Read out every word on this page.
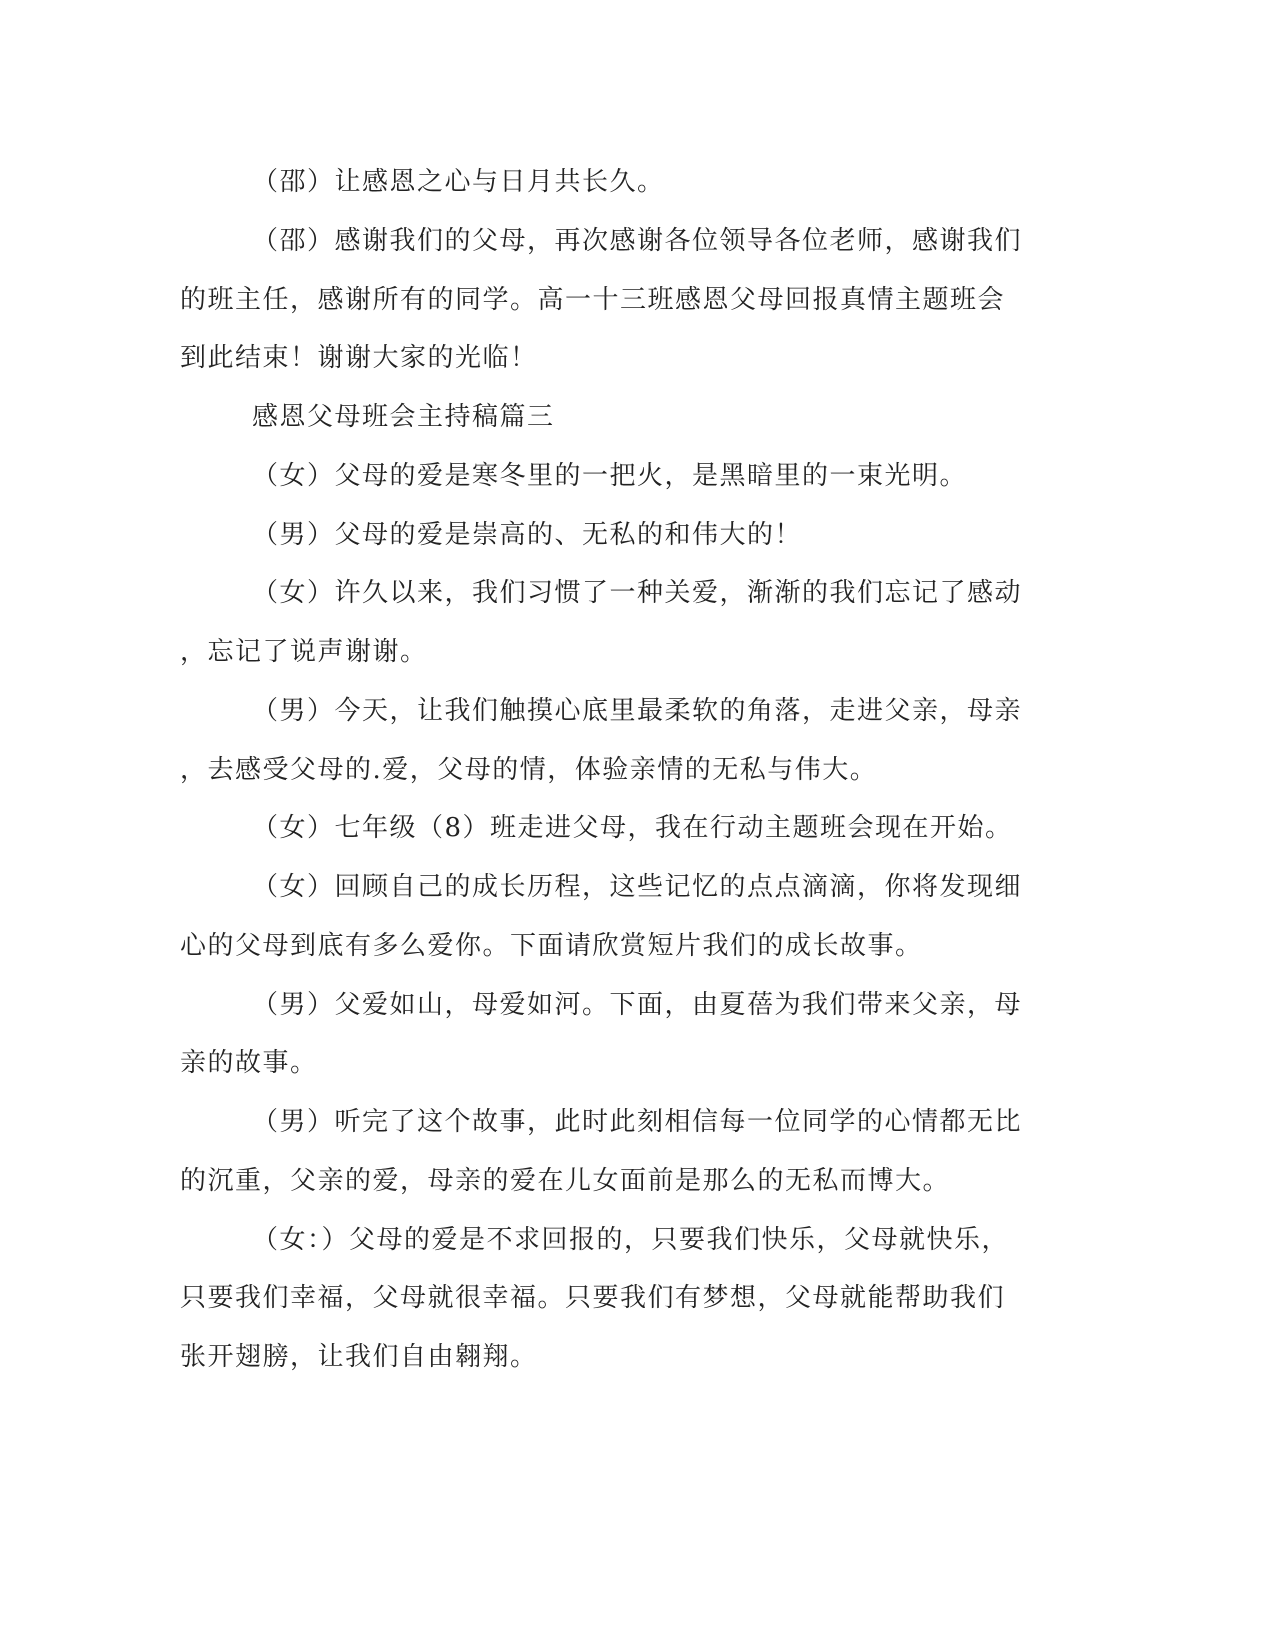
（邵）让感恩之心与日月共长久。
（邵）感谢我们的父母，再次感谢各位领导各位老师，感谢我们
的班主任，感谢所有的同学。高一十三班感恩父母回报真情主题班会
到此结束！谢谢大家的光临！
感恩父母班会主持稿篇三
（女）父母的爱是寒冬里的一把火，是黑暗里的一束光明。
（男）父母的爱是崇高的、无私的和伟大的！
（女）许久以来，我们习惯了一种关爱，渐渐的我们忘记了感动
，忘记了说声谢谢。
（男）今天，让我们触摸心底里最柔软的角落，走进父亲，母亲
，去感受父母的.爱，父母的情，体验亲情的无私与伟大。
（女）七年级（8）班走进父母，我在行动主题班会现在开始。
（女）回顾自己的成长历程，这些记忆的点点滴滴，你将发现细
心的父母到底有多么爱你。下面请欣赏短片我们的成长故事。
（男）父爱如山，母爱如河。下面，由夏蓓为我们带来父亲，母
亲的故事。
（男）听完了这个故事，此时此刻相信每一位同学的心情都无比
的沉重，父亲的爱，母亲的爱在儿女面前是那么的无私而博大。
（女：）父母的爱是不求回报的，只要我们快乐，父母就快乐，
只要我们幸福，父母就很幸福。只要我们有梦想，父母就能帮助我们
张开翅膀，让我们自由翱翔。
